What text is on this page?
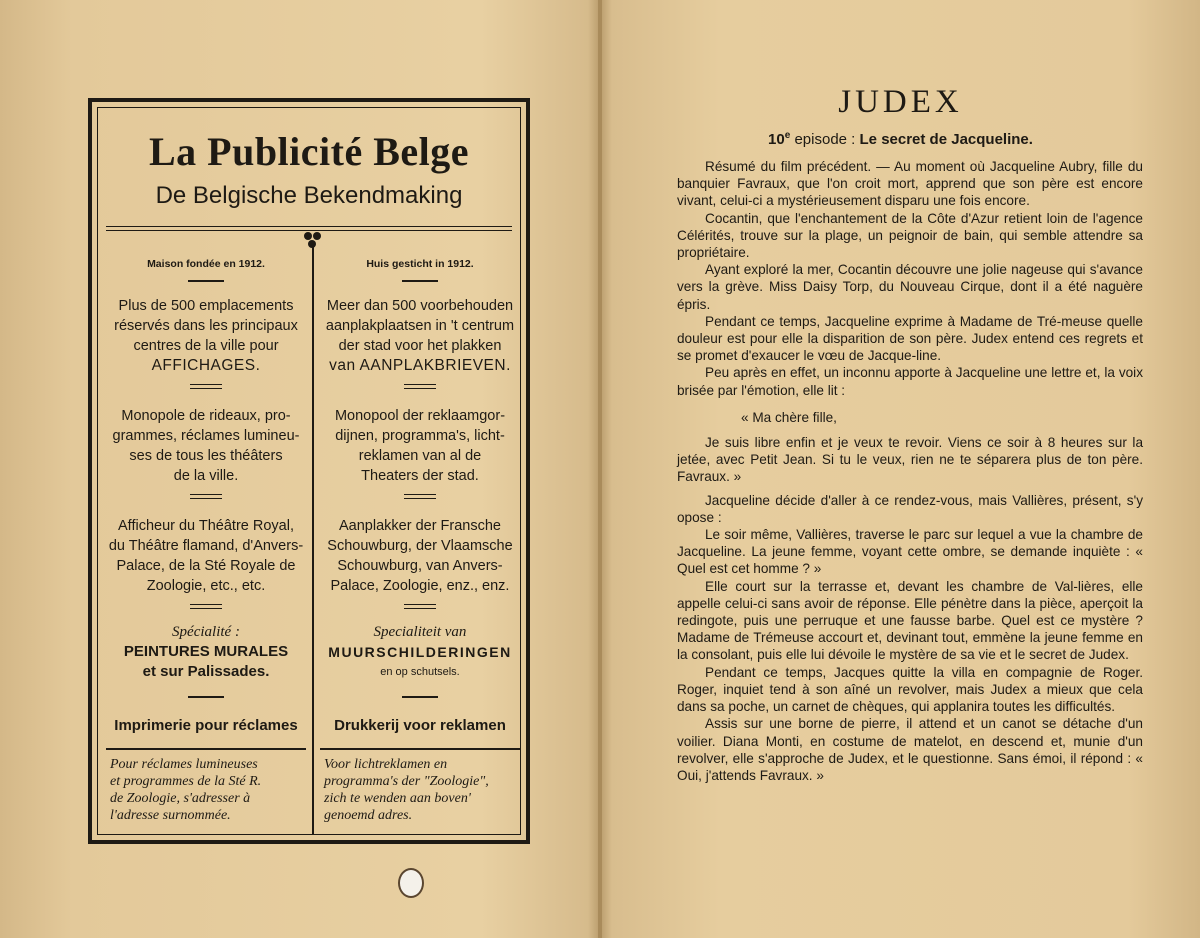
La Publicité Belge
De Belgische Bekendmaking
Maison fondée en 1912.
Plus de 500 emplacements
réservés dans les principaux
centres de la ville pour
AFFICHAGES.
Monopole de rideaux, pro-
grammes, réclames lumineu-
ses de tous les théâters
de la ville.
Afficheur du Théâtre Royal,
du Théâtre flamand, d'Anvers-
Palace, de la Sté Royale de
Zoologie, etc., etc.
Spécialité :
PEINTURES MURALES
et sur Palissades.
Imprimerie pour réclames
Pour réclames lumineuses
et programmes de la Sté R.
de Zoologie, s'adresser à
l'adresse surnommée.
Huis gesticht in 1912.
Meer dan 500 voorbehouden
aanplakplaatsen in 't centrum
der stad voor het plakken
van AANPLAKBRIEVEN.
Monopool der reklaamgor-
dijnen, programma's, licht-
reklamen van al de
Theaters der stad.
Aanplakker der Fransche
Schouwburg, der Vlaamsche
Schouwburg, van Anvers-
Palace, Zoologie, enz., enz.
Specialiteit van
MUURSCHILDERINGEN
en op schutsels.
Drukkerij voor reklamen
Voor lichtreklamen en
programma's der "Zoologie",
zich te wenden aan boven'
genoemd adres.
JUDEX
10e episode : Le secret de Jacqueline.

Résumé du film précédent. — Au moment où Jacqueline Aubry, fille du banquier Favraux, que l'on croit mort, apprend que son père est encore vivant, celui-ci a mystérieusement disparu une fois encore.

Cocantin, que l'enchantement de la Côte d'Azur retient loin de l'agence Célérités, trouve sur la plage, un peignoir de bain, qui semble attendre sa propriétaire.

Ayant exploré la mer, Cocantin découvre une jolie nageuse qui s'avance vers la grève. Miss Daisy Torp, du Nouveau Cirque, dont il a été naguère épris.

Pendant ce temps, Jacqueline exprime à Madame de Tré-meuse quelle douleur est pour elle la disparition de son père. Judex entend ces regrets et se promet d'exaucer le vœu de Jacque-line.

Peu après en effet, un inconnu apporte à Jacqueline une lettre et, la voix brisée par l'émotion, elle lit :

« Ma chère fille,

Je suis libre enfin et je veux te revoir. Viens ce soir à 8 heures sur la jetée, avec Petit Jean. Si tu le veux, rien ne te séparera plus de ton père. Favraux. »

Jacqueline décide d'aller à ce rendez-vous, mais Vallières, présent, s'y opose :

Le soir même, Vallières, traverse le parc sur lequel a vue la chambre de Jacqueline. La jeune femme, voyant cette ombre, se demande inquiète : « Quel est cet homme ? »

Elle court sur la terrasse et, devant les chambre de Val-lières, elle appelle celui-ci sans avoir de réponse. Elle pénètre dans la pièce, aperçoit la redingote, puis une perruque et une fausse barbe. Quel est ce mystère ? Madame de Trémeuse accourt et, devinant tout, emmène la jeune femme en la consolant, puis elle lui dévoile le mystère de sa vie et le secret de Judex.

Pendant ce temps, Jacques quitte la villa en compagnie de Roger. Roger, inquiet tend à son aîné un revolver, mais Judex a mieux que cela dans sa poche, un carnet de chèques, qui applanira toutes les difficultés.

Assis sur une borne de pierre, il attend et un canot se détache d'un voilier. Diana Monti, en costume de matelot, en descend et, munie d'un revolver, elle s'approche de Judex, et le questionne. Sans émoi, il répond : « Oui, j'attends Favraux. »
